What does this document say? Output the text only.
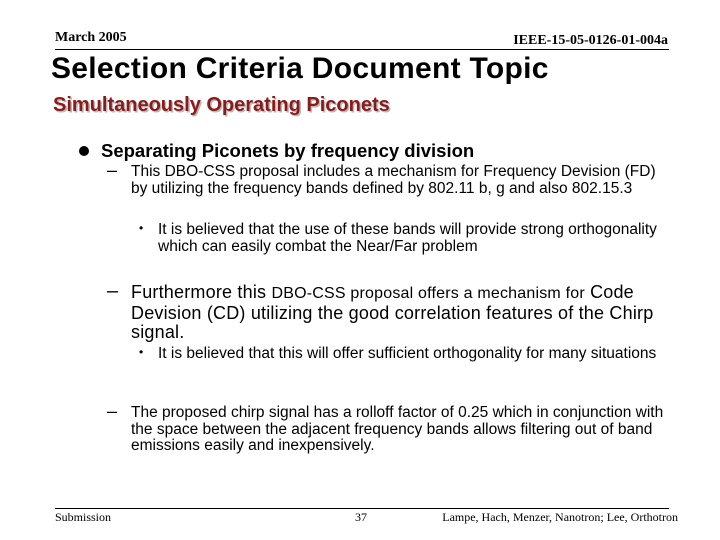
March 2005	IEEE-15-05-0126-01-004a
Selection Criteria Document Topic
Simultaneously Operating Piconets
Separating Piconets by frequency division
– This DBO-CSS proposal includes a mechanism for Frequency Devision (FD) by utilizing the frequency bands defined by 802.11 b, g and also 802.15.3
• It is believed that the use of these bands will provide strong orthogonality which can easily combat the Near/Far problem
– Furthermore this DBO-CSS proposal offers a mechanism for Code Devision (CD) utilizing the good correlation features of the Chirp signal.
• It is believed that this will offer sufficient orthogonality for many situations
– The proposed chirp signal has a rolloff factor of 0.25 which in conjunction with the space between the adjacent frequency bands allows filtering out of band emissions easily and inexpensively.
Submission	37	Lampe, Hach, Menzer, Nanotron; Lee, Orthotron
